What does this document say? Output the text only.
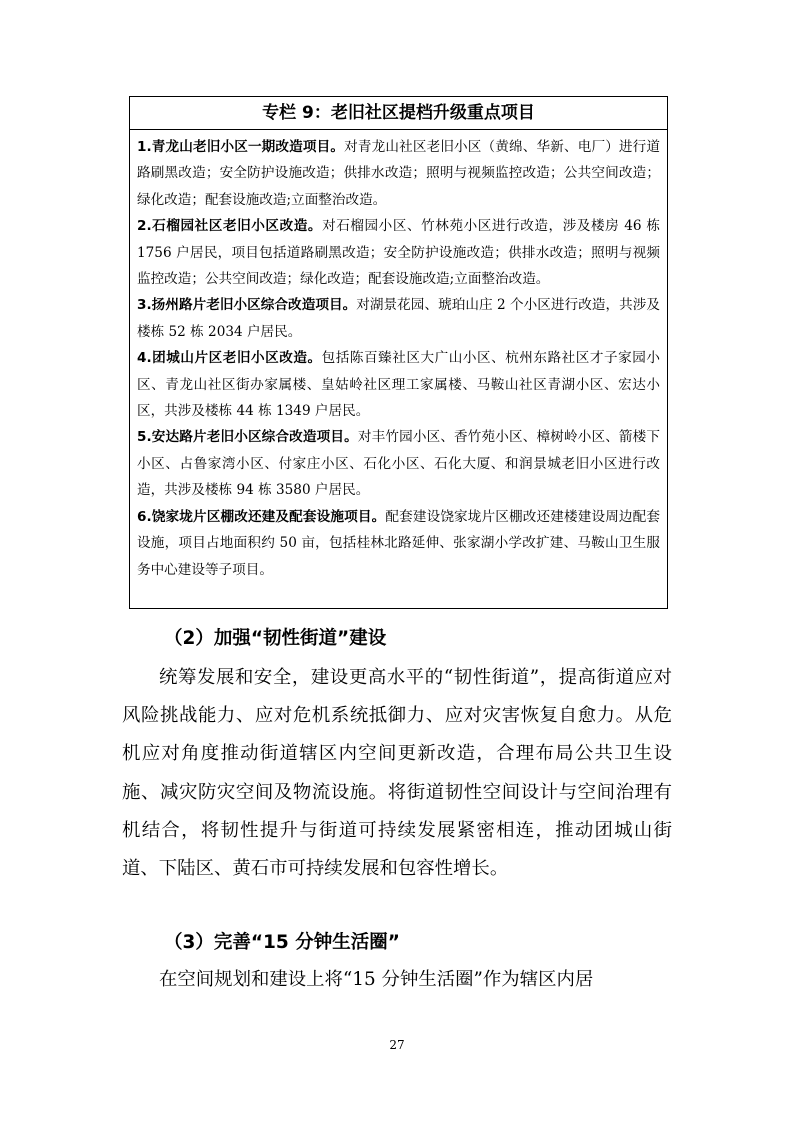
专栏 9：老旧社区提档升级重点项目

1.青龙山老旧小区一期改造项目。对青龙山社区老旧小区（黄绵、华新、电厂）进行道路刷黑改造；安全防护设施改造；供排水改造；照明与视频监控改造；公共空间改造；绿化改造；配套设施改造;立面整治改造。

2.石榴园社区老旧小区改造。对石榴园小区、竹林苑小区进行改造，涉及楼房 46 栋 1756 户居民，项目包括道路刷黑改造；安全防护设施改造；供排水改造；照明与视频监控改造；公共空间改造；绿化改造；配套设施改造;立面整治改造。

3.扬州路片老旧小区综合改造项目。对湖景花园、琥珀山庄 2 个小区进行改造，共涉及楼栋 52 栋 2034 户居民。

4.团城山片区老旧小区改造。包括陈百臻社区大广山小区、杭州东路社区才子家园小区、青龙山社区街办家属楼、皇姑岭社区理工家属楼、马鞍山社区青湖小区、宏达小区，共涉及楼栋 44 栋 1349 户居民。

5.安达路片老旧小区综合改造项目。对丰竹园小区、香竹苑小区、樟树岭小区、箭楼下小区、占鲁家湾小区、付家庄小区、石化小区、石化大厦、和润景城老旧小区进行改造，共涉及楼栋 94 栋 3580 户居民。

6.饶家垅片区棚改还建及配套设施项目。配套建设饶家垅片区棚改还建楼建设周边配套设施，项目占地面积约 50 亩，包括桂林北路延伸、张家湖小学改扩建、马鞍山卫生服务中心建设等子项目。

（2）加强“韧性街道”建设

统筹发展和安全，建设更高水平的“韧性街道”，提高街道应对风险挑战能力、应对危机系统抵御力、应对灾害恢复自愈力。从危机应对角度推动街道辖区内空间更新改造，合理布局公共卫生设施、减灾防灾空间及物流设施。将街道韧性空间设计与空间治理有机结合，将韧性提升与街道可持续发展紧密相连，推动团城山街道、下陆区、黄石市可持续发展和包容性增长。

（3）完善“15 分钟生活圈”

在空间规划和建设上将“15 分钟生活圈”作为辖区内居

27
